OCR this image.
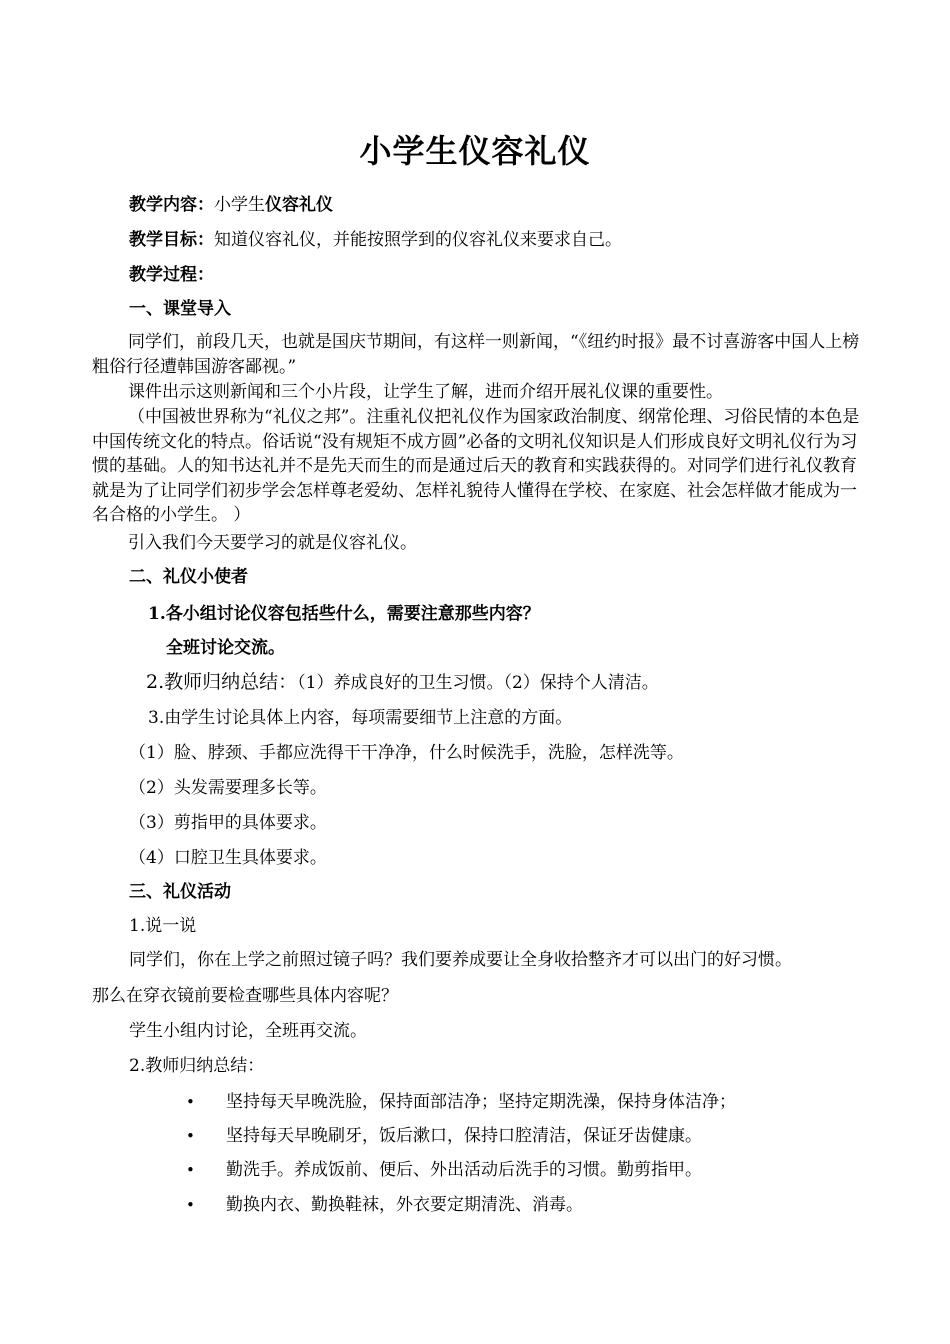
小学生仪容礼仪
教学内容：小学生仪容礼仪
教学目标：知道仪容礼仪，并能按照学到的仪容礼仪来要求自己。
教学过程：
一、课堂导入
同学们，前段几天，也就是国庆节期间，有这样一则新闻，“《纽约时报》最不讨喜游客中国人上榜 粗俗行径遭韩国游客鄙视。”
课件出示这则新闻和三个小片段，让学生了解，进而介绍开展礼仪课的重要性。
（中国被世界称为“礼仪之邦”。注重礼仪把礼仪作为国家政治制度、纲常伦理、习俗民情的本色是中国传统文化的特点。俗话说“没有规矩不成方圆”必备的文明礼仪知识是人们形成良好文明礼仪行为习惯的基础。人的知书达礼并不是先天而生的而是通过后天的教育和实践获得的。对同学们进行礼仪教育就是为了让同学们初步学会怎样尊老爱幼、怎样礼貌待人懂得在学校、在家庭、社会怎样做才能成为一名合格的小学生。 ）
引入我们今天要学习的就是仪容礼仪。
二、礼仪小使者
1.各小组讨论仪容包括些什么，需要注意那些内容？
全班讨论交流。
2.教师归纳总结：（1）养成良好的卫生习惯。（2）保持个人清洁。
3.由学生讨论具体上内容，每项需要细节上注意的方面。
（1）脸、脖颈、手都应洗得干干净净，什么时候洗手，洗脸，怎样洗等。
（2）头发需要理多长等。
（3）剪指甲的具体要求。
（4）口腔卫生具体要求。
三、礼仪活动
1.说一说
同学们，你在上学之前照过镜子吗？我们要养成要让全身收拾整齐才可以出门的好习惯。
那么在穿衣镜前要检查哪些具体内容呢？
学生小组内讨论，全班再交流。
2.教师归纳总结：
• 坚持每天早晚洗脸，保持面部洁净；坚持定期洗澡，保持身体洁净；
• 坚持每天早晚刷牙，饭后漱口，保持口腔清洁，保证牙齿健康。
• 勤洗手。养成饭前、便后、外出活动后洗手的习惯。勤剪指甲。
• 勤换内衣、勤换鞋袜，外衣要定期清洗、消毒。
